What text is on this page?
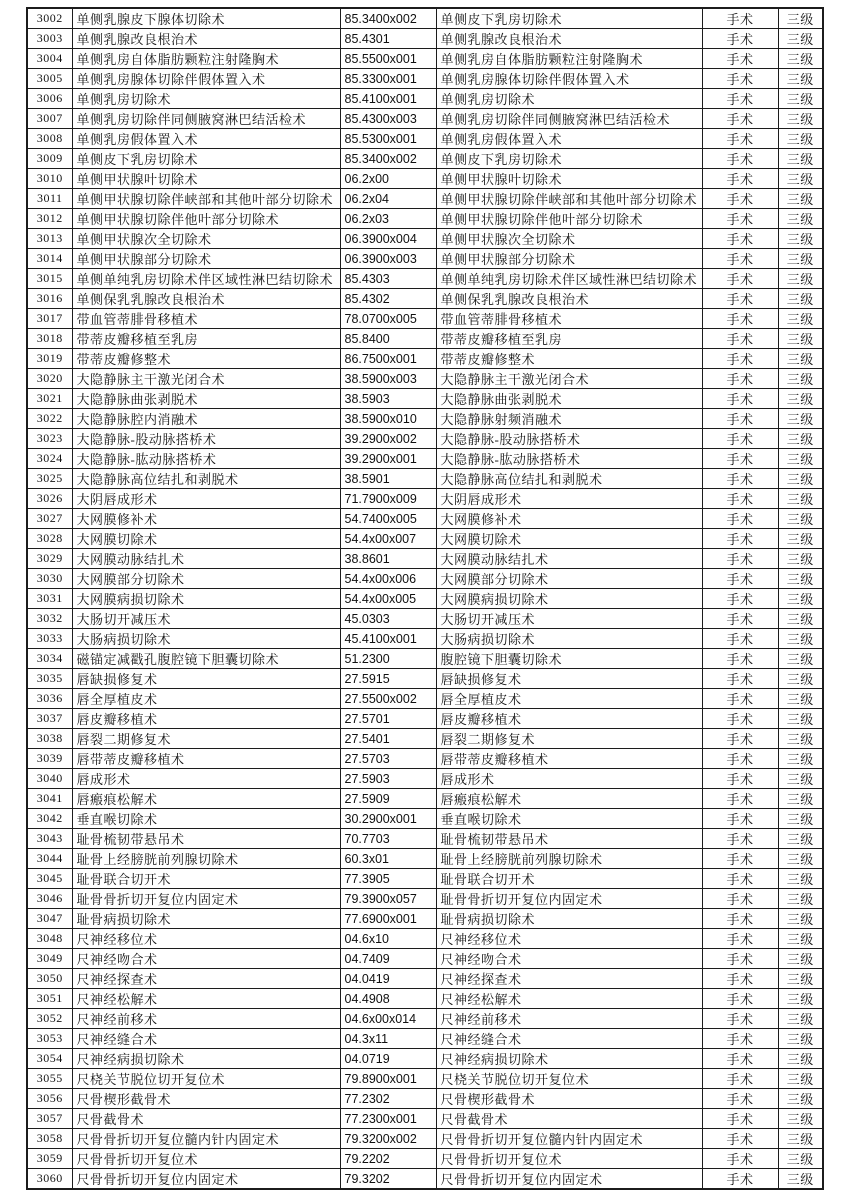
3002	单侧乳腺皮下腺体切除术	85.3400x002	单侧皮下乳房切除术	手术	三级
3003	单侧乳腺改良根治术	85.4301	单侧乳腺改良根治术	手术	三级
3004	单侧乳房自体脂肪颗粒注射隆胸术	85.5500x001	单侧乳房自体脂肪颗粒注射隆胸术	手术	三级
3005	单侧乳房腺体切除伴假体置入术	85.3300x001	单侧乳房腺体切除伴假体置入术	手术	三级
3006	单侧乳房切除术	85.4100x001	单侧乳房切除术	手术	三级
3007	单侧乳房切除伴同侧腋窝淋巴结活检术	85.4300x003	单侧乳房切除伴同侧腋窝淋巴结活检术	手术	三级
3008	单侧乳房假体置入术	85.5300x001	单侧乳房假体置入术	手术	三级
3009	单侧皮下乳房切除术	85.3400x002	单侧皮下乳房切除术	手术	三级
3010	单侧甲状腺叶切除术	06.2x00	单侧甲状腺叶切除术	手术	三级
3011	单侧甲状腺切除伴峡部和其他叶部分切除术	06.2x04	单侧甲状腺切除伴峡部和其他叶部分切除术	手术	三级
3012	单侧甲状腺切除伴他叶部分切除术	06.2x03	单侧甲状腺切除伴他叶部分切除术	手术	三级
3013	单侧甲状腺次全切除术	06.3900x004	单侧甲状腺次全切除术	手术	三级
3014	单侧甲状腺部分切除术	06.3900x003	单侧甲状腺部分切除术	手术	三级
3015	单侧单纯乳房切除术伴区域性淋巴结切除术	85.4303	单侧单纯乳房切除术伴区域性淋巴结切除术	手术	三级
3016	单侧保乳乳腺改良根治术	85.4302	单侧保乳乳腺改良根治术	手术	三级
3017	带血管蒂腓骨移植术	78.0700x005	带血管蒂腓骨移植术	手术	三级
3018	带蒂皮瓣移植至乳房	85.8400	带蒂皮瓣移植至乳房	手术	三级
3019	带蒂皮瓣修整术	86.7500x001	带蒂皮瓣修整术	手术	三级
3020	大隐静脉主干激光闭合术	38.5900x003	大隐静脉主干激光闭合术	手术	三级
3021	大隐静脉曲张剥脱术	38.5903	大隐静脉曲张剥脱术	手术	三级
3022	大隐静脉腔内消融术	38.5900x010	大隐静脉射频消融术	手术	三级
3023	大隐静脉-股动脉搭桥术	39.2900x002	大隐静脉-股动脉搭桥术	手术	三级
3024	大隐静脉-肱动脉搭桥术	39.2900x001	大隐静脉-肱动脉搭桥术	手术	三级
3025	大隐静脉高位结扎和剥脱术	38.5901	大隐静脉高位结扎和剥脱术	手术	三级
3026	大阴唇成形术	71.7900x009	大阴唇成形术	手术	三级
3027	大网膜修补术	54.7400x005	大网膜修补术	手术	三级
3028	大网膜切除术	54.4x00x007	大网膜切除术	手术	三级
3029	大网膜动脉结扎术	38.8601	大网膜动脉结扎术	手术	三级
3030	大网膜部分切除术	54.4x00x006	大网膜部分切除术	手术	三级
3031	大网膜病损切除术	54.4x00x005	大网膜病损切除术	手术	三级
3032	大肠切开减压术	45.0303	大肠切开减压术	手术	三级
3033	大肠病损切除术	45.4100x001	大肠病损切除术	手术	三级
3034	磁锚定减戳孔腹腔镜下胆囊切除术	51.2300	腹腔镜下胆囊切除术	手术	三级
3035	唇缺损修复术	27.5915	唇缺损修复术	手术	三级
3036	唇全厚植皮术	27.5500x002	唇全厚植皮术	手术	三级
3037	唇皮瓣移植术	27.5701	唇皮瓣移植术	手术	三级
3038	唇裂二期修复术	27.5401	唇裂二期修复术	手术	三级
3039	唇带蒂皮瓣移植术	27.5703	唇带蒂皮瓣移植术	手术	三级
3040	唇成形术	27.5903	唇成形术	手术	三级
3041	唇瘢痕松解术	27.5909	唇瘢痕松解术	手术	三级
3042	垂直喉切除术	30.2900x001	垂直喉切除术	手术	三级
3043	耻骨梳韧带悬吊术	70.7703	耻骨梳韧带悬吊术	手术	三级
3044	耻骨上经膀胱前列腺切除术	60.3x01	耻骨上经膀胱前列腺切除术	手术	三级
3045	耻骨联合切开术	77.3905	耻骨联合切开术	手术	三级
3046	耻骨骨折切开复位内固定术	79.3900x057	耻骨骨折切开复位内固定术	手术	三级
3047	耻骨病损切除术	77.6900x001	耻骨病损切除术	手术	三级
3048	尺神经移位术	04.6x10	尺神经移位术	手术	三级
3049	尺神经吻合术	04.7409	尺神经吻合术	手术	三级
3050	尺神经探查术	04.0419	尺神经探查术	手术	三级
3051	尺神经松解术	04.4908	尺神经松解术	手术	三级
3052	尺神经前移术	04.6x00x014	尺神经前移术	手术	三级
3053	尺神经缝合术	04.3x11	尺神经缝合术	手术	三级
3054	尺神经病损切除术	04.0719	尺神经病损切除术	手术	三级
3055	尺桡关节脱位切开复位术	79.8900x001	尺桡关节脱位切开复位术	手术	三级
3056	尺骨楔形截骨术	77.2302	尺骨楔形截骨术	手术	三级
3057	尺骨截骨术	77.2300x001	尺骨截骨术	手术	三级
3058	尺骨骨折切开复位髓内针内固定术	79.3200x002	尺骨骨折切开复位髓内针内固定术	手术	三级
3059	尺骨骨折切开复位术	79.2202	尺骨骨折切开复位术	手术	三级
3060	尺骨骨折切开复位内固定术	79.3202	尺骨骨折切开复位内固定术	手术	三级
